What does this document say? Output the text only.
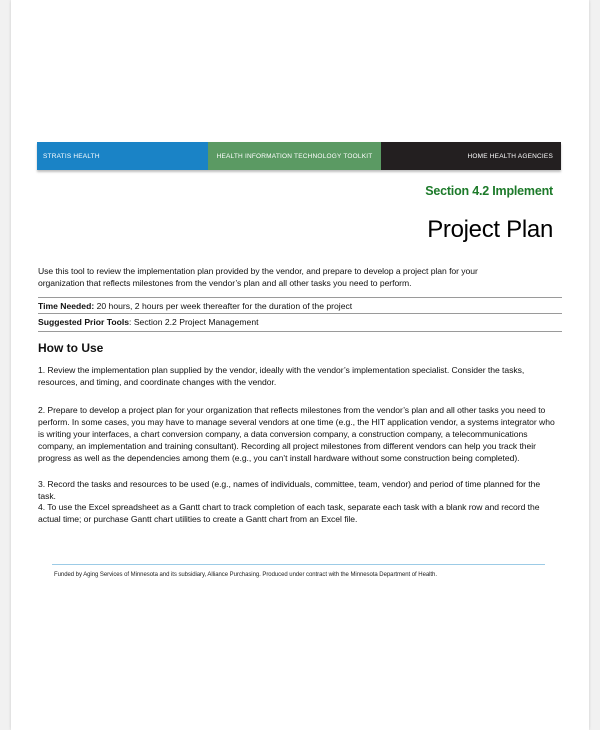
STRATIS HEALTH	HEALTH INFORMATION TECHNOLOGY TOOLKIT	HOME HEALTH AGENCIES
Section 4.2 Implement
Project Plan
Use this tool to review the implementation plan provided by the vendor, and prepare to develop a project plan for your organization that reflects milestones from the vendor’s plan and all other tasks you need to perform.
Time Needed: 20 hours, 2 hours per week thereafter for the duration of the project
Suggested Prior Tools: Section 2.2 Project Management
How to Use
1. Review the implementation plan supplied by the vendor, ideally with the vendor’s implementation specialist. Consider the tasks, resources, and timing, and coordinate changes with the vendor.
2. Prepare to develop a project plan for your organization that reflects milestones from the vendor’s plan and all other tasks you need to perform. In some cases, you may have to manage several vendors at one time (e.g., the HIT application vendor, a systems integrator who is writing your interfaces, a chart conversion company, a data conversion company, a construction company, a telecommunications company, an implementation and training consultant). Recording all project milestones from different vendors can help you track their progress as well as the dependencies among them (e.g., you can’t install hardware without some construction being completed).
3. Record the tasks and resources to be used (e.g., names of individuals, committee, team, vendor) and period of time planned for the task.
4. To use the Excel spreadsheet as a Gantt chart to track completion of each task, separate each task with a blank row and record the actual time; or purchase Gantt chart utilities to create a Gantt chart from an Excel file.
Funded by Aging Services of Minnesota and its subsidiary, Alliance Purchasing. Produced under contract with the Minnesota Department of Health.
